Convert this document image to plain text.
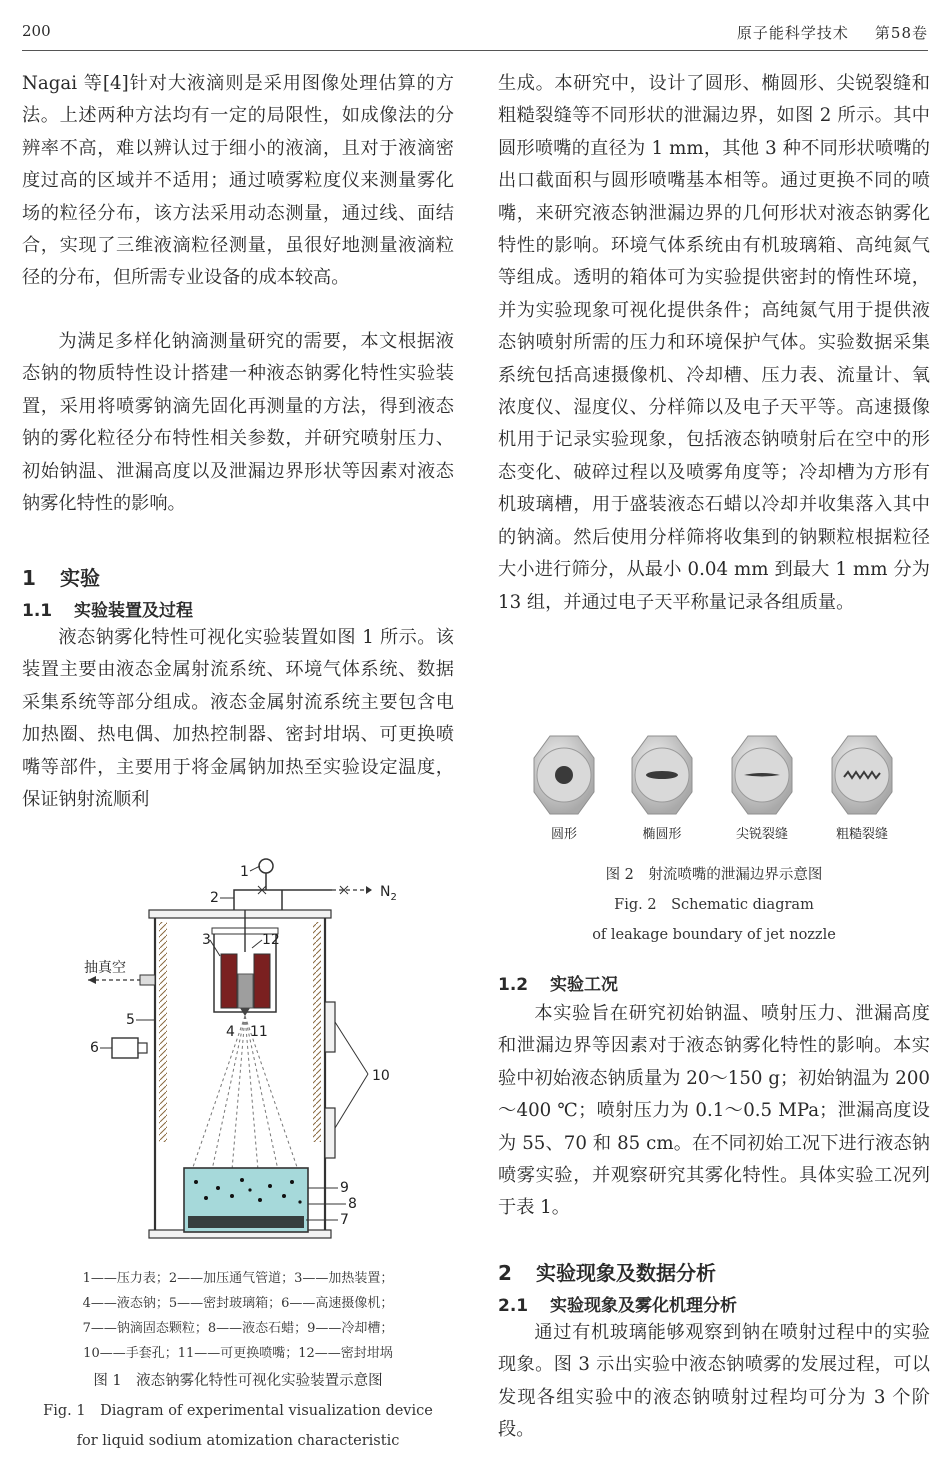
200	原子能科学技术 第58卷

Nagai 等[4]针对大液滴则是采用图像处理估算的方法。上述两种方法均有一定的局限性，如成像法的分辨率不高，难以辨认过于细小的液滴，且对于液滴密度过高的区域并不适用；通过喷雾粒度仪来测量雾化场的粒径分布，该方法采用动态测量，通过线、面结合，实现了三维液滴粒径测量，虽很好地测量液滴粒径的分布，但所需专业设备的成本较高。

为满足多样化钠滴测量研究的需要，本文根据液态钠的物质特性设计搭建一种液态钠雾化特性实验装置，采用将喷雾钠滴先固化再测量的方法，得到液态钠的雾化粒径分布特性相关参数，并研究喷射压力、初始钠温、泄漏高度以及泄漏边界形状等因素对液态钠雾化特性的影响。

1 实验
1.1 实验装置及过程

液态钠雾化特性可视化实验装置如图 1 所示。该装置主要由液态金属射流系统、环境气体系统、数据采集系统等部分组成。液态金属射流系统主要包含电加热圈、热电偶、加热控制器、密封坩埚、可更换喷嘴等部件，主要用于将金属钠加热至实验设定温度，保证钠射流顺利

$N_2$
1
2
抽真空
3	12
4 11
5
6
10
9
8
7
1——压力表；2——加压通气管道；3——加热装置；
4——液态钠；5——密封玻璃箱；6——高速摄像机；
7——钠滴固态颗粒；8——液态石蜡；9——冷却槽；
10——手套孔；11——可更换喷嘴；12——密封坩埚
图 1　液态钠雾化特性可视化实验装置示意图
Fig. 1　Diagram of experimental visualization device
for liquid sodium atomization characteristic

生成。本研究中，设计了圆形、椭圆形、尖锐裂缝和粗糙裂缝等不同形状的泄漏边界，如图 2 所示。其中圆形喷嘴的直径为 1 mm，其他 3 种不同形状喷嘴的出口截面积与圆形喷嘴基本相等。通过更换不同的喷嘴，来研究液态钠泄漏边界的几何形状对液态钠雾化特性的影响。环境气体系统由有机玻璃箱、高纯氮气等组成。透明的箱体可为实验提供密封的惰性环境，并为实验现象可视化提供条件；高纯氮气用于提供液态钠喷射所需的压力和环境保护气体。实验数据采集系统包括高速摄像机、冷却槽、压力表、流量计、氧浓度仪、湿度仪、分样筛以及电子天平等。高速摄像机用于记录实验现象，包括液态钠喷射后在空中的形态变化、破碎过程以及喷雾角度等；冷却槽为方形有机玻璃槽，用于盛装液态石蜡以冷却并收集落入其中的钠滴。然后使用分样筛将收集到的钠颗粒根据粒径大小进行筛分，从最小 0.04 mm 到最大 1 mm 分为 13 组，并通过电子天平称量记录各组质量。

圆形	椭圆形	尖锐裂缝	粗糙裂缝
图 2　射流喷嘴的泄漏边界示意图
Fig. 2　Schematic diagram
of leakage boundary of jet nozzle
1.2 实验工况

本实验旨在研究初始钠温、喷射压力、泄漏高度和泄漏边界等因素对于液态钠雾化特性的影响。本实验中初始液态钠质量为 20～150 g；初始钠温为 200～400 ℃；喷射压力为 0.1～0.5 MPa；泄漏高度设为 55、70 和 85 cm。在不同初始工况下进行液态钠喷雾实验，并观察研究其雾化特性。具体实验工况列于表 1。

2 实验现象及数据分析
2.1 实验现象及雾化机理分析

通过有机玻璃能够观察到钠在喷射过程中的实验现象。图 3 示出实验中液态钠喷雾的发展过程，可以发现各组实验中的液态钠喷射过程均可分为 3 个阶段。
